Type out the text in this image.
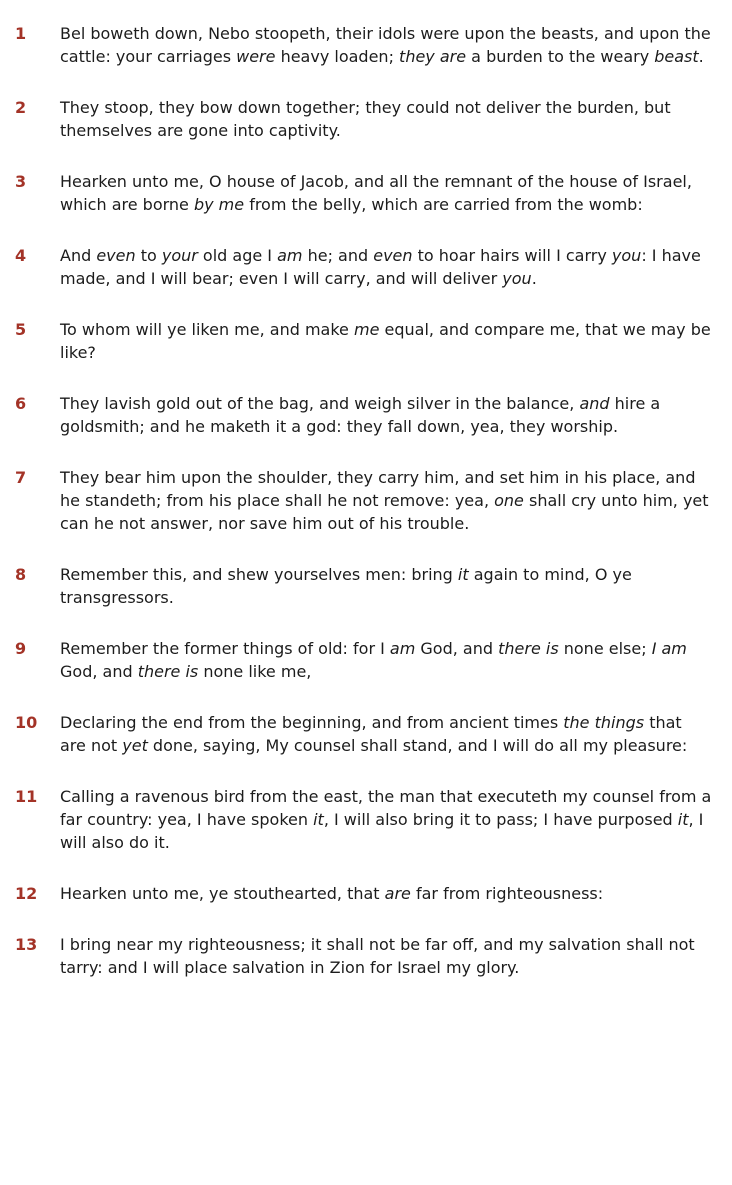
1	Bel boweth down, Nebo stoopeth, their idols were upon the beasts, and upon the cattle: your carriages were heavy loaden; they are a burden to the weary beast.
2	They stoop, they bow down together; they could not deliver the burden, but themselves are gone into captivity.
3	Hearken unto me, O house of Jacob, and all the remnant of the house of Israel, which are borne by me from the belly, which are carried from the womb:
4	And even to your old age I am he; and even to hoar hairs will I carry you: I have made, and I will bear; even I will carry, and will deliver you.
5	To whom will ye liken me, and make me equal, and compare me, that we may be like?
6	They lavish gold out of the bag, and weigh silver in the balance, and hire a goldsmith; and he maketh it a god: they fall down, yea, they worship.
7	They bear him upon the shoulder, they carry him, and set him in his place, and he standeth; from his place shall he not remove: yea, one shall cry unto him, yet can he not answer, nor save him out of his trouble.
8	Remember this, and shew yourselves men: bring it again to mind, O ye transgressors.
9	Remember the former things of old: for I am God, and there is none else; I am God, and there is none like me,
10	Declaring the end from the beginning, and from ancient times the things that are not yet done, saying, My counsel shall stand, and I will do all my pleasure:
11	Calling a ravenous bird from the east, the man that executeth my counsel from a far country: yea, I have spoken it, I will also bring it to pass; I have purposed it, I will also do it.
12	Hearken unto me, ye stouthearted, that are far from righteousness:
13	I bring near my righteousness; it shall not be far off, and my salvation shall not tarry: and I will place salvation in Zion for Israel my glory.
